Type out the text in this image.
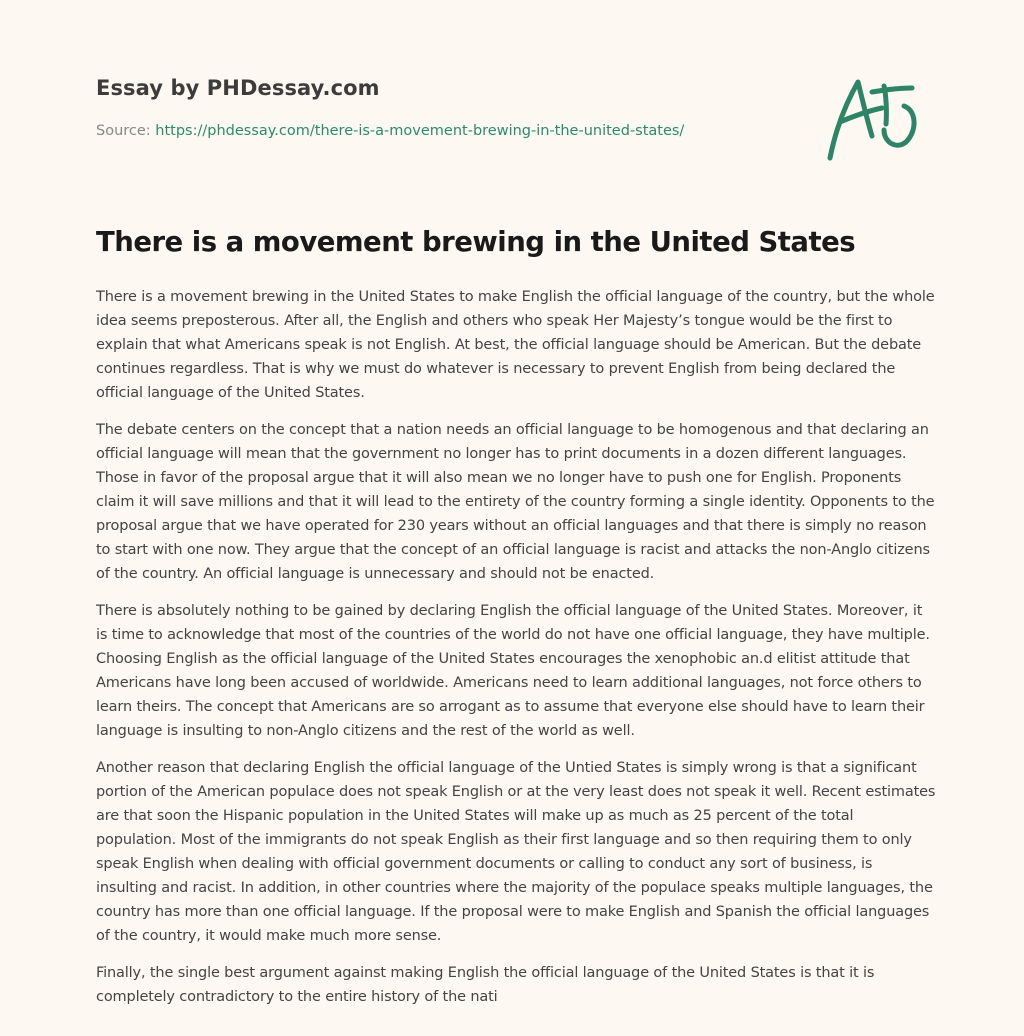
Essay by PHDessay.com
Source: https://phdessay.com/there-is-a-movement-brewing-in-the-united-states/
There is a movement brewing in the United States

There is a movement brewing in the United States to make English the official language of the country, but the whole idea seems preposterous. After all, the English and others who speak Her Majesty’s tongue would be the first to explain that what Americans speak is not English. At best, the official language should be American. But the debate continues regardless. That is why we must do whatever is necessary to prevent English from being declared the official language of the United States.

The debate centers on the concept that a nation needs an official language to be homogenous and that declaring an official language will mean that the government no longer has to print documents in a dozen different languages. Those in favor of the proposal argue that it will also mean we no longer have to push one for English. Proponents claim it will save millions and that it will lead to the entirety of the country forming a single identity. Opponents to the proposal argue that we have operated for 230 years without an official languages and that there is simply no reason to start with one now. They argue that the concept of an official language is racist and attacks the non-Anglo citizens of the country. An official language is unnecessary and should not be enacted.

There is absolutely nothing to be gained by declaring English the official language of the United States. Moreover, it is time to acknowledge that most of the countries of the world do not have one official language, they have multiple. Choosing English as the official language of the United States encourages the xenophobic an.d elitist attitude that Americans have long been accused of worldwide. Americans need to learn additional languages, not force others to learn theirs. The concept that Americans are so arrogant as to assume that everyone else should have to learn their language is insulting to non-Anglo citizens and the rest of the world as well.

Another reason that declaring English the official language of the Untied States is simply wrong is that a significant portion of the American populace does not speak English or at the very least does not speak it well. Recent estimates are that soon the Hispanic population in the United States will make up as much as 25 percent of the total population. Most of the immigrants do not speak English as their first language and so then requiring them to only speak English when dealing with official government documents or calling to conduct any sort of business, is insulting and racist. In addition, in other countries where the majority of the populace speaks multiple languages, the country has more than one official language. If the proposal were to make English and Spanish the official languages of the country, it would make much more sense.

Finally, the single best argument against making English the official language of the United States is that it is completely contradictory to the entire history of the nati
